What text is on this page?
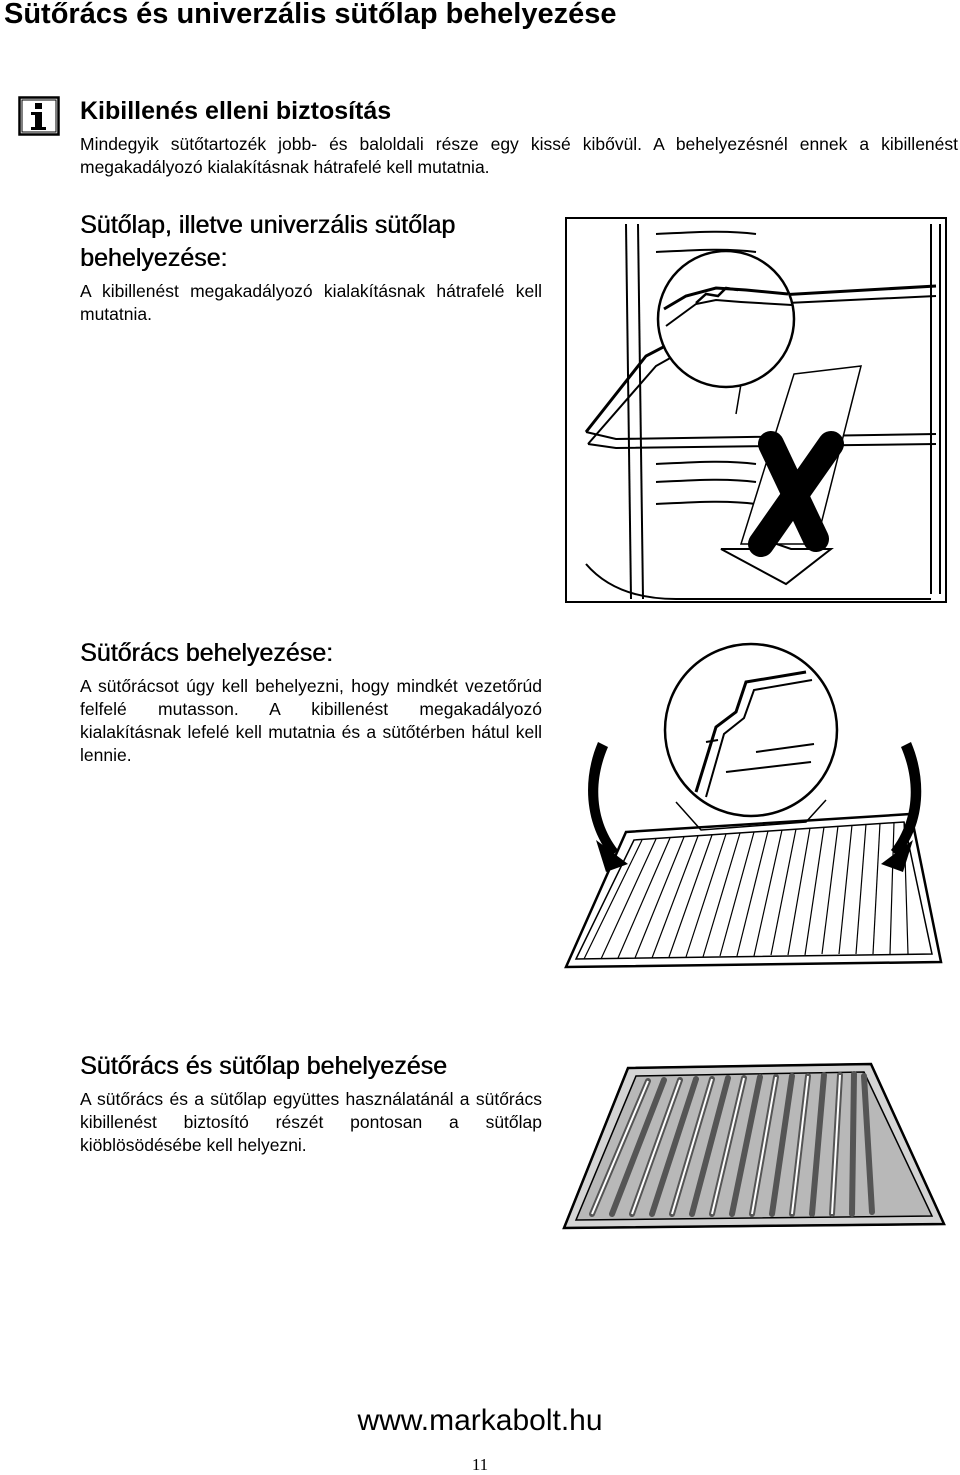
Sütőrács és univerzális sütőlap behelyezése
Kibillenés elleni biztosítás

Mindegyik sütőtartozék jobb- és baloldali része egy kissé kibővül. A behelyezésnél ennek a kibillenést megakadályozó kialakításnak hátrafelé kell mutatnia.

Sütőlap, illetve univerzális sütőlap
behelyezése:

A kibillenést megakadályozó kialakításnak hátrafelé kell mutatnia.

Sütőrács behelyezése:

A sütőrácsot úgy kell behelyezni, hogy mindkét vezetőrúd felfelé mutasson. A kibillenést megakadályozó kialakításnak lefelé kell mutatnia és a sütőtérben hátul kell lennie.

Sütőrács és sütőlap behelyezése

A sütőrács és a sütőlap együttes használatánál a sütőrács kibillenést biztosító részét pontosan a sütőlap kiöblösödésébe kell helyezni.

www.markabolt.hu
11
